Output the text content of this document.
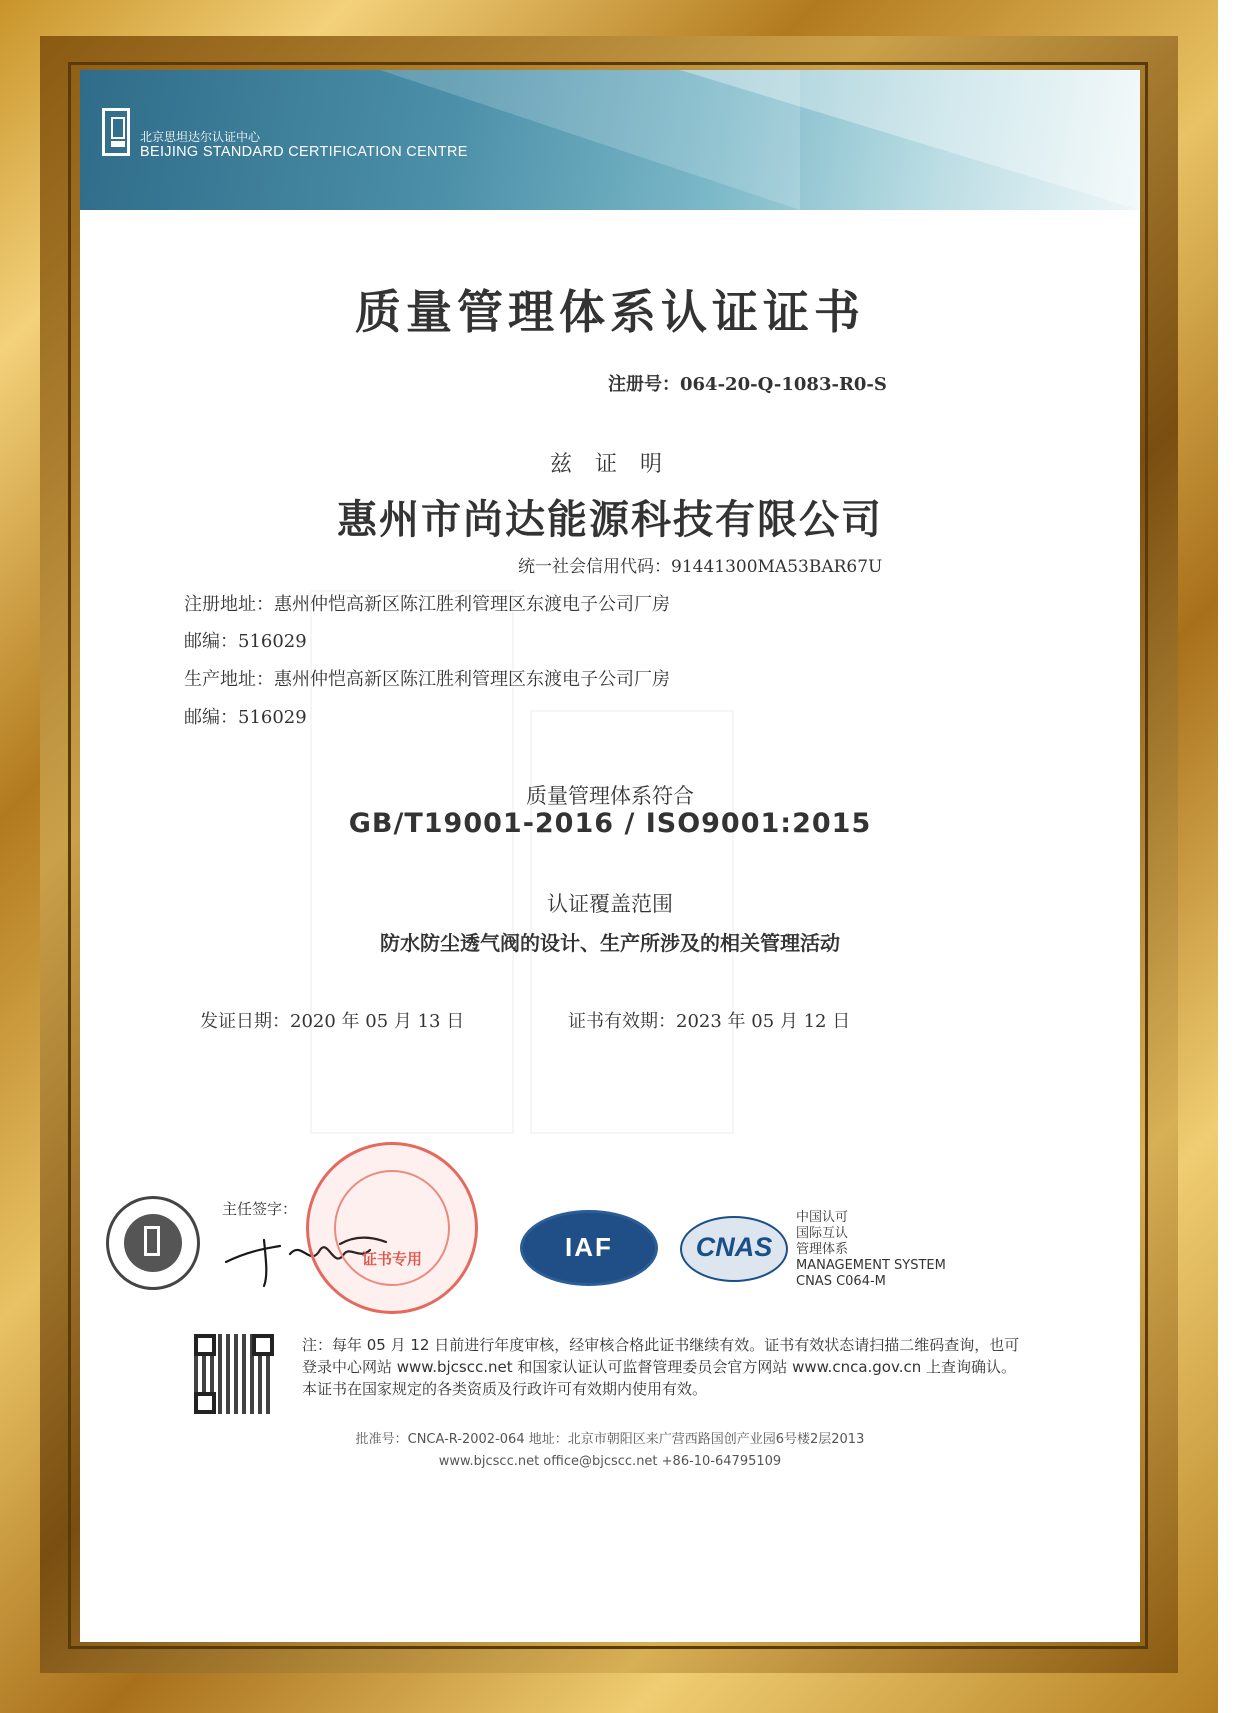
北京思坦达尔认证中心
BEIJING STANDARD CERTIFICATION CENTRE
质量管理体系认证证书
注册号：064-20-Q-1083-R0-S
兹 证 明
惠州市尚达能源科技有限公司
统一社会信用代码：91441300MA53BAR67U
注册地址：惠州仲恺高新区陈江胜利管理区东渡电子公司厂房
邮编：516029
生产地址：惠州仲恺高新区陈江胜利管理区东渡电子公司厂房
邮编：516029
质量管理体系符合
GB/T19001-2016 / ISO9001:2015
认证覆盖范围
防水防尘透气阀的设计、生产所涉及的相关管理活动
发证日期：2020 年 05 月 13 日	证书有效期：2023 年 05 月 12 日
主任签字：
证书专用	IAF	CNAS
中国认可
国际互认
管理体系
MANAGEMENT SYSTEM
CNAS C064-M
注：每年 05 月 12 日前进行年度审核，经审核合格此证书继续有效。证书有效状态请扫描二维码查询，也可登录中心网站 www.bjcscc.net 和国家认证认可监督管理委员会官方网站 www.cnca.gov.cn 上查询确认。本证书在国家规定的各类资质及行政许可有效期内使用有效。
批准号：CNCA-R-2002-064 地址：北京市朝阳区来广营西路国创产业园6号楼2层2013
www.bjcscc.net office@bjcscc.net +86-10-64795109
